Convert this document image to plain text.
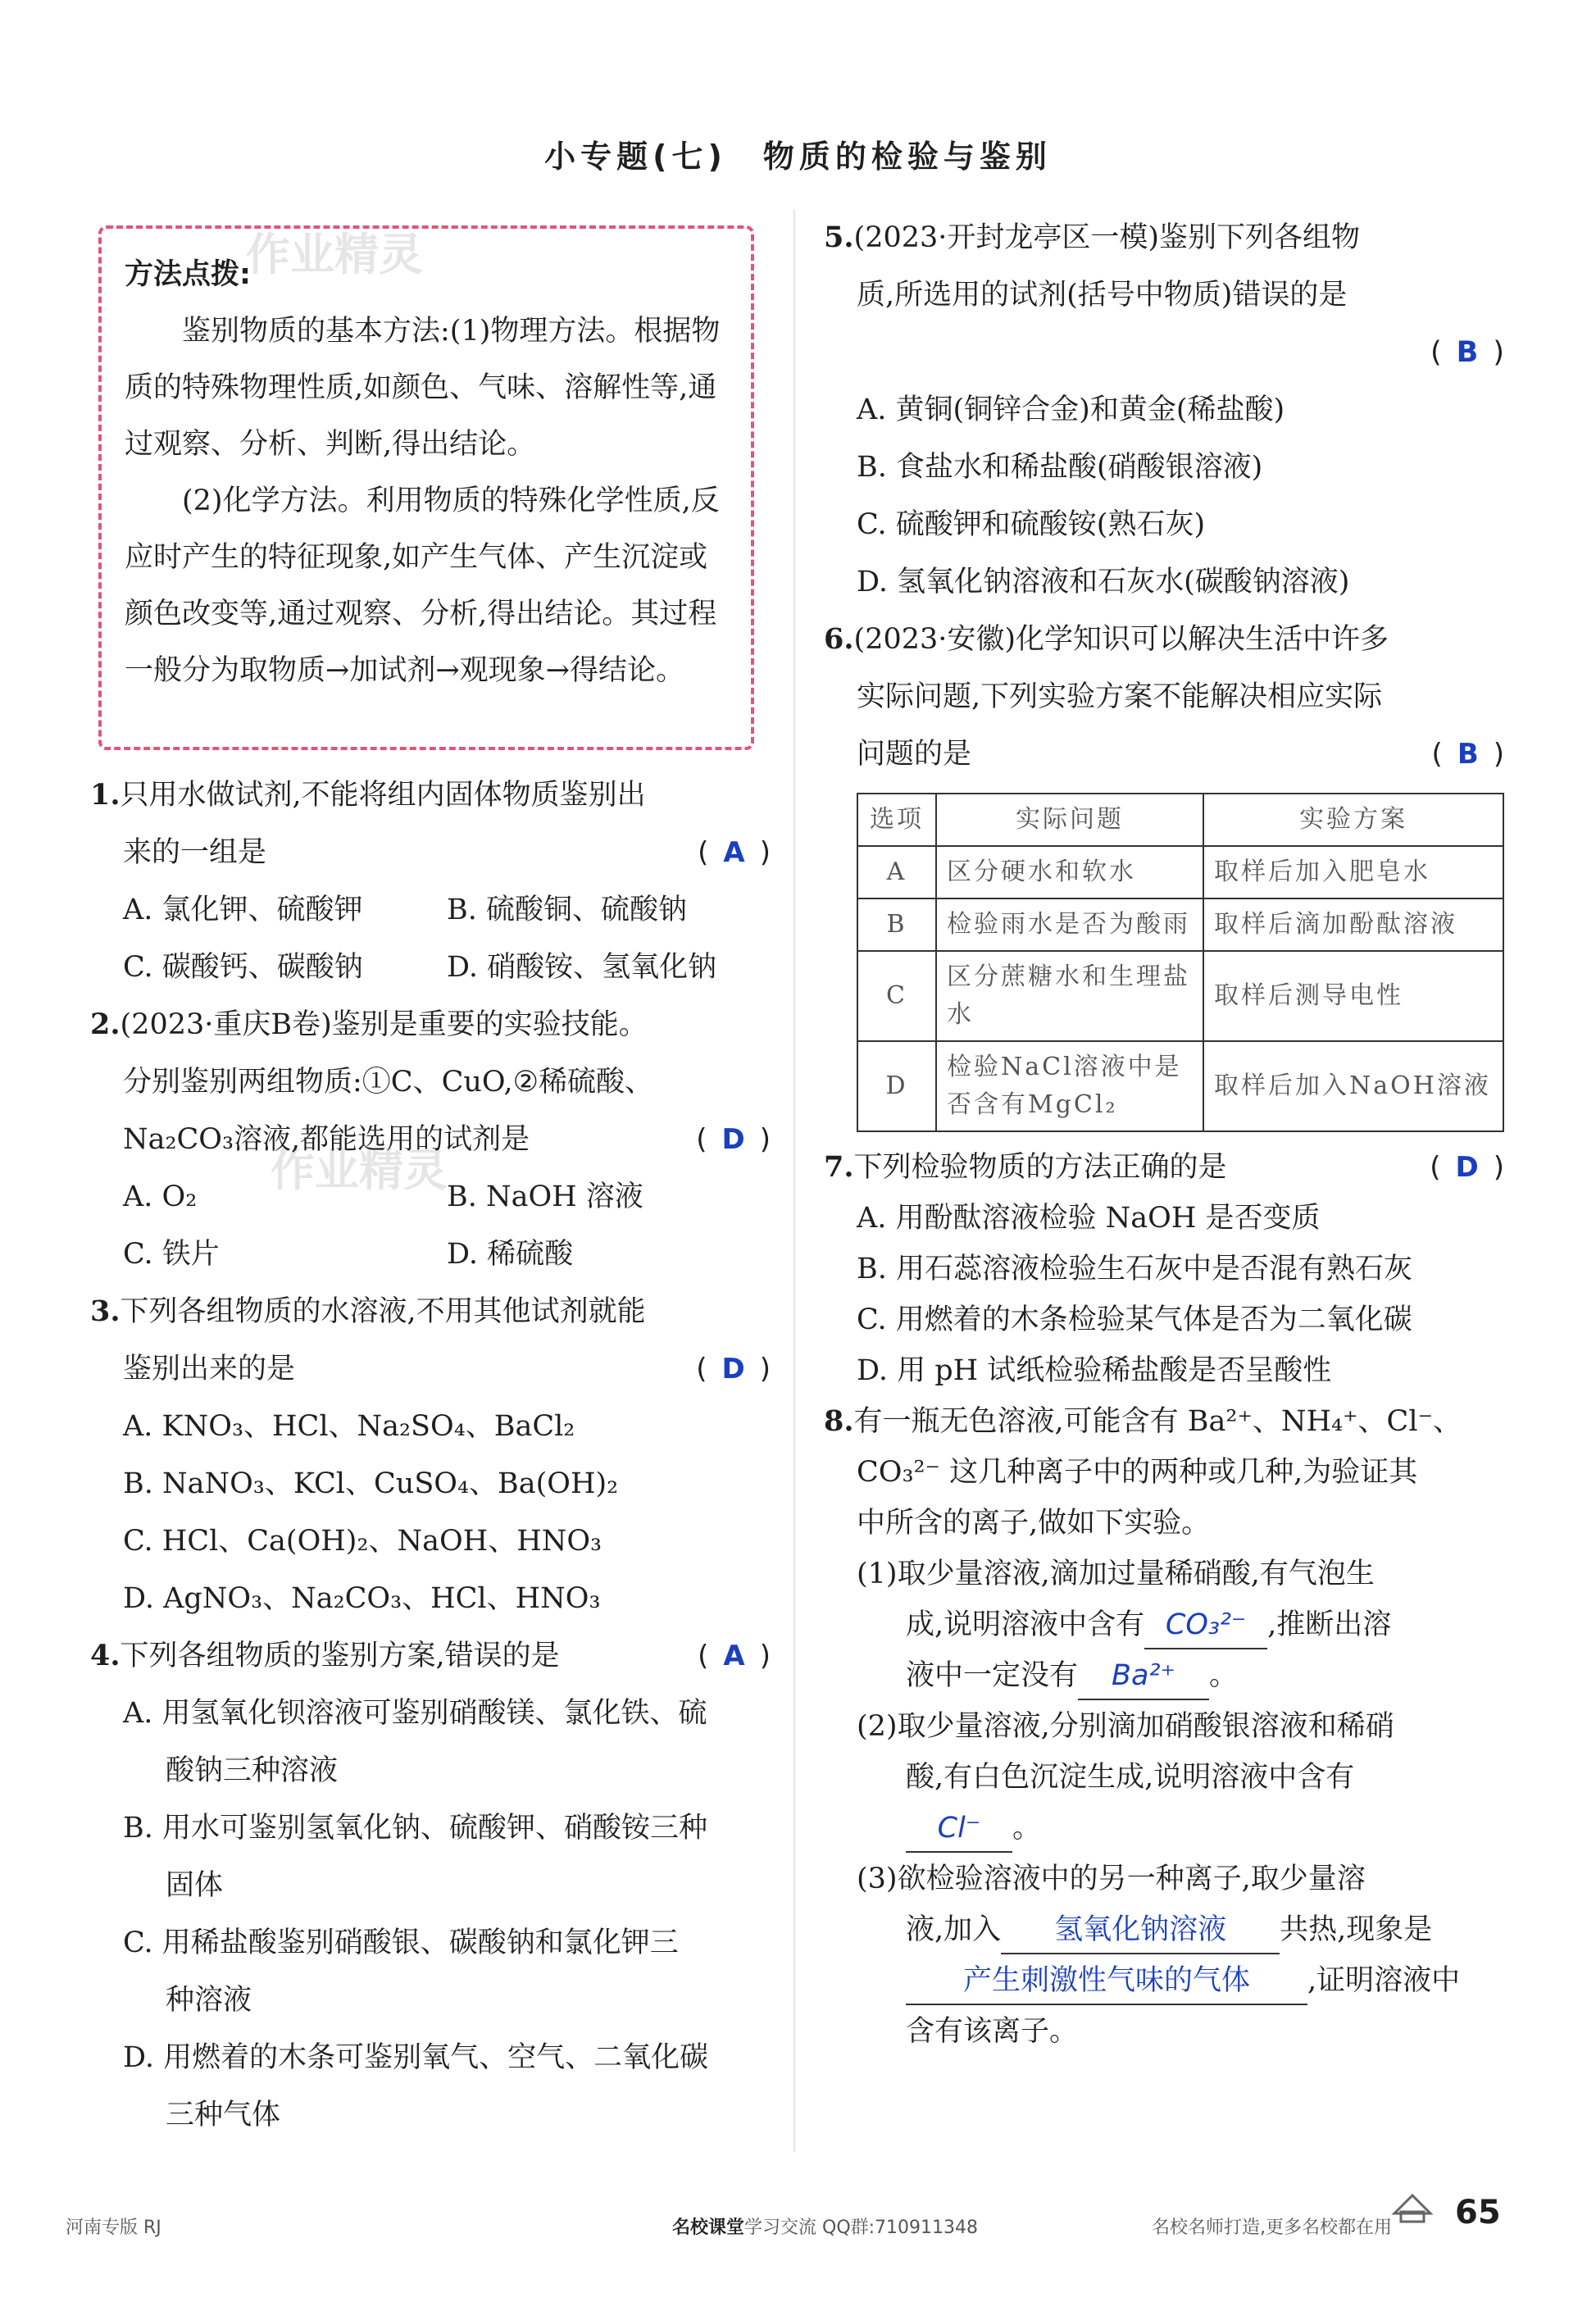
小专题(七)　物质的检验与鉴别
作业精灵
作业精灵
方法点拨:
鉴别物质的基本方法:(1)物理方法。根据物质的特殊物理性质,如颜色、气味、溶解性等,通过观察、分析、判断,得出结论。
(2)化学方法。利用物质的特殊化学性质,反应时产生的特征现象,如产生气体、产生沉淀或颜色改变等,通过观察、分析,得出结论。其过程一般分为取物质→加试剂→观现象→得结论。
1.只用水做试剂,不能将组内固体物质鉴别出
来的一组是	( A )
A. 氯化钾、硫酸钾	B. 硫酸铜、硫酸钠
C. 碳酸钙、碳酸钠	D. 硝酸铵、氢氧化钠
2.(2023·重庆B卷)鉴别是重要的实验技能。
分别鉴别两组物质:①C、CuO,②稀硫酸、
Na₂CO₃溶液,都能选用的试剂是	( D )
A. O₂	B. NaOH 溶液
C. 铁片	D. 稀硫酸
3.下列各组物质的水溶液,不用其他试剂就能
鉴别出来的是	( D )
A. KNO₃、HCl、Na₂SO₄、BaCl₂
B. NaNO₃、KCl、CuSO₄、Ba(OH)₂
C. HCl、Ca(OH)₂、NaOH、HNO₃
D. AgNO₃、Na₂CO₃、HCl、HNO₃
4.下列各组物质的鉴别方案,错误的是	( A )
A. 用氢氧化钡溶液可鉴别硝酸镁、氯化铁、硫
酸钠三种溶液
B. 用水可鉴别氢氧化钠、硫酸钾、硝酸铵三种
固体
C. 用稀盐酸鉴别硝酸银、碳酸钠和氯化钾三
种溶液
D. 用燃着的木条可鉴别氧气、空气、二氧化碳
三种气体
5.(2023·开封龙亭区一模)鉴别下列各组物
质,所选用的试剂(括号中物质)错误的是
( B )
A. 黄铜(铜锌合金)和黄金(稀盐酸)
B. 食盐水和稀盐酸(硝酸银溶液)
C. 硫酸钾和硫酸铵(熟石灰)
D. 氢氧化钠溶液和石灰水(碳酸钠溶液)
6.(2023·安徽)化学知识可以解决生活中许多
实际问题,下列实验方案不能解决相应实际
问题的是	( B )
选项	实际问题	实验方案
A	区分硬水和软水	取样后加入肥皂水
B	检验雨水是否为酸雨	取样后滴加酚酞溶液
C	区分蔗糖水和生理盐水	取样后测导电性
D	检验NaCl溶液中是否含有MgCl₂	取样后加入NaOH溶液
7.下列检验物质的方法正确的是	( D )
A. 用酚酞溶液检验 NaOH 是否变质
B. 用石蕊溶液检验生石灰中是否混有熟石灰
C. 用燃着的木条检验某气体是否为二氧化碳
D. 用 pH 试纸检验稀盐酸是否呈酸性
8.有一瓶无色溶液,可能含有 Ba²⁺、NH₄⁺、Cl⁻、
CO₃²⁻ 这几种离子中的两种或几种,为验证其
中所含的离子,做如下实验。
(1)取少量溶液,滴加过量稀硝酸,有气泡生
成,说明溶液中含有 CO₃²⁻ ,推断出溶
液中一定没有 Ba²⁺ 。
(2)取少量溶液,分别滴加硝酸银溶液和稀硝
酸,有白色沉淀生成,说明溶液中含有
Cl⁻ 。
(3)欲检验溶液中的另一种离子,取少量溶
液,加入 氢氧化钠溶液 共热,现象是
产生刺激性气味的气体 ,证明溶液中
含有该离子。
河南专版 RJ	名校课堂学习交流 QQ群:710911348	名校名师打造,更多名校都在用 65
